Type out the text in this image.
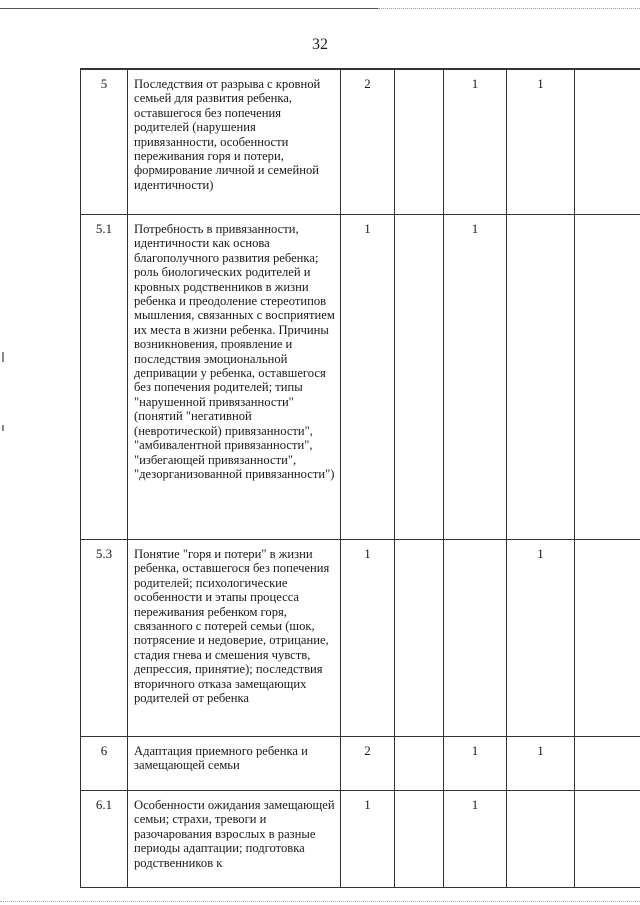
32
5	Последствия от разрыва с кровной семьей для развития ребенка, оставшегося без попечения родителей (нарушения привязанности, особенности переживания горя и потери, формирование личной и семейной идентичности)	2		1	1	
5.1	Потребность в привязанности, идентичности как основа благополучного развития ребенка; роль биологических родителей и кровных родственников в жизни ребенка и преодоление стереотипов мышления, связанных с восприятием их места в жизни ребенка. Причины возникновения, проявление и последствия эмоциональной депривации у ребенка, оставшегося без попечения родителей; типы "нарушенной привязанности" (понятий "негативной (невротической) привязанности", "амбивалентной привязанности", "избегающей привязанности", "дезорганизованной привязанности")	1		1		
5.3	Понятие "горя и потери" в жизни ребенка, оставшегося без попечения родителей; психологические особенности и этапы процесса переживания ребенком горя, связанного с потерей семьи (шок, потрясение и недоверие, отрицание, стадия гнева и смешения чувств, депрессия, принятие); последствия вторичного отказа замещающих родителей от ребенка	1			1	
6	Адаптация приемного ребенка и замещающей семьи	2		1	1	
6.1	Особенности ожидания замещающей семьи; страхи, тревоги и разочарования взрослых в разные периоды адаптации; подготовка родственников к	1		1		
